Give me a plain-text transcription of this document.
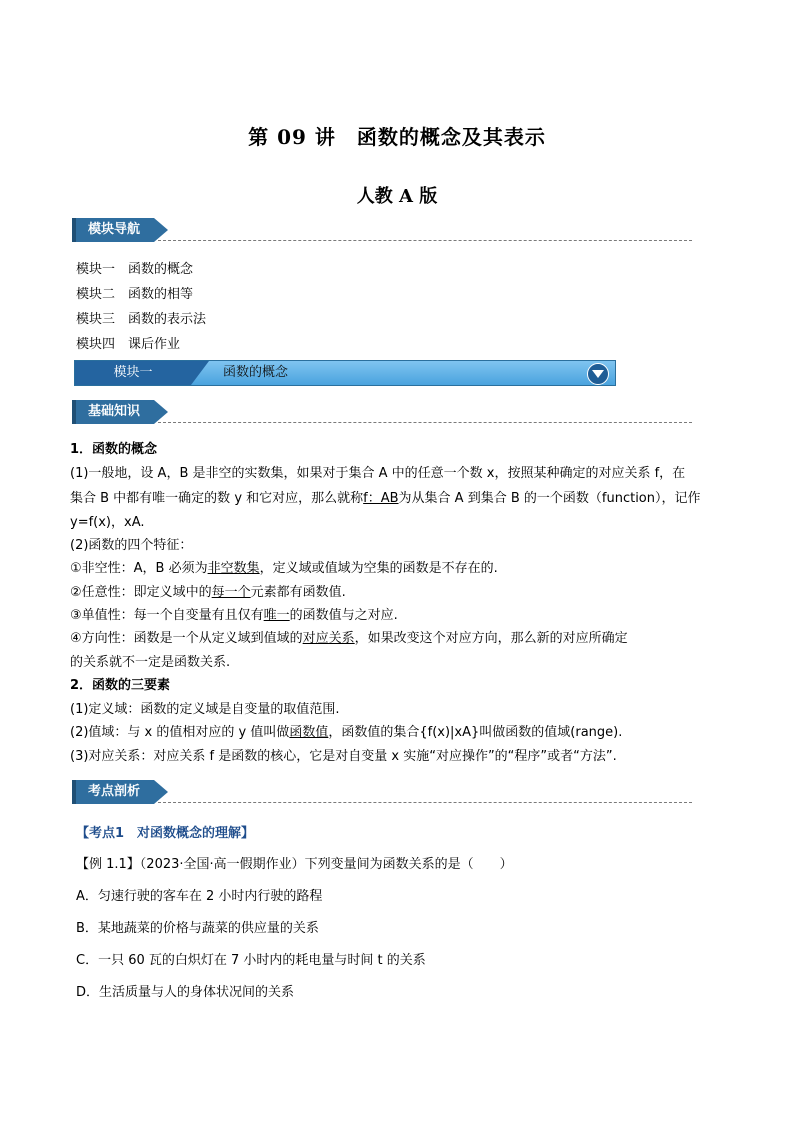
第 09 讲　函数的概念及其表示
人教 A 版
模块导航
模块一　函数的概念
模块二　函数的相等
模块三　函数的表示法
模块四　课后作业
模块一	函数的概念
基础知识
1．函数的概念
(1)一般地，设 A，B 是非空的实数集，如果对于集合 A 中的任意一个数 x，按照某种确定的对应关系 f，在
集合 B 中都有唯一确定的数 y 和它对应，那么就称f：AB为从集合 A 到集合 B 的一个函数（function），记作
y=f(x)，xA.
(2)函数的四个特征：
①非空性：A，B 必须为非空数集，定义域或值域为空集的函数是不存在的.
②任意性：即定义域中的每一个元素都有函数值.
③单值性：每一个自变量有且仅有唯一的函数值与之对应.
④方向性：函数是一个从定义域到值域的对应关系，如果改变这个对应方向，那么新的对应所确定
的关系就不一定是函数关系.
2．函数的三要素
(1)定义域：函数的定义域是自变量的取值范围.
(2)值域：与 x 的值相对应的 y 值叫做函数值，函数值的集合{f(x)|xA}叫做函数的值域(range).
(3)对应关系：对应关系 f 是函数的核心，它是对自变量 x 实施“对应操作”的“程序”或者“方法”.
考点剖析
【考点1　对函数概念的理解】
【例 1.1】（2023·全国·高一假期作业）下列变量间为函数关系的是（　　）
A．匀速行驶的客车在 2 小时内行驶的路程
B．某地蔬菜的价格与蔬菜的供应量的关系
C．一只 60 瓦的白炽灯在 7 小时内的耗电量与时间 t 的关系
D．生活质量与人的身体状况间的关系
